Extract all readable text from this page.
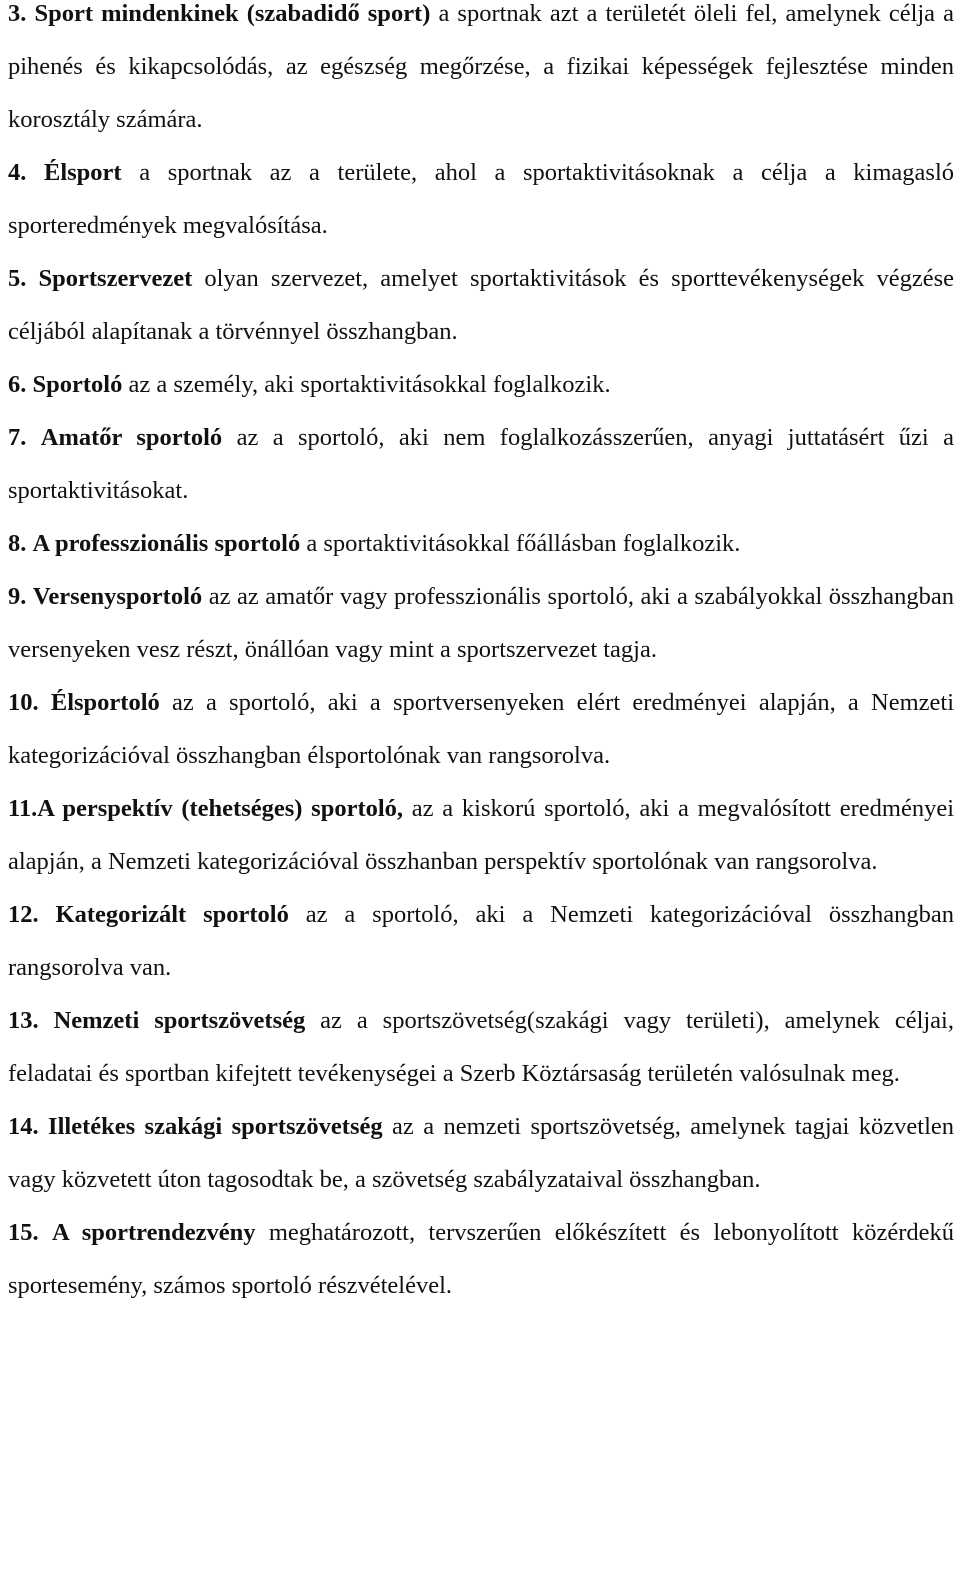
3. Sport mindenkinek (szabadidő sport) a sportnak azt a területét öleli fel, amelynek célja a pihenés és kikapcsolódás, az egészség megőrzése, a fizikai képességek fejlesztése minden korosztály számára.

4. Élsport a sportnak az a területe, ahol a sportaktivitásoknak a célja a kimagasló sporteredmények megvalósítása.

5. Sportszervezet olyan szervezet, amelyet sportaktivitások és sporttevékenységek végzése céljából alapítanak a törvénnyel összhangban.

6. Sportoló az a személy, aki sportaktivitásokkal foglalkozik.

7. Amatőr sportoló az a sportoló, aki nem foglalkozásszerűen, anyagi juttatásért űzi a sportaktivitásokat.

8. A professzionális sportoló a sportaktivitásokkal főállásban foglalkozik.

9. Versenysportoló az az amatőr vagy professzionális sportoló, aki a szabályokkal összhangban versenyeken vesz részt, önállóan vagy mint a sportszervezet tagja.

10. Élsportoló az a sportoló, aki a sportversenyeken elért eredményei alapján, a Nemzeti kategorizációval összhangban élsportolónak van rangsorolva.

11.A perspektív (tehetséges) sportoló, az a kiskorú sportoló, aki a megvalósított eredményei alapján, a Nemzeti kategorizációval összhanban perspektív sportolónak van rangsorolva.

12. Kategorizált sportoló az a sportoló, aki a Nemzeti kategorizációval összhangban rangsorolva van.

13. Nemzeti sportszövetség az a sportszövetség(szakági vagy területi), amelynek céljai, feladatai és sportban kifejtett tevékenységei a Szerb Köztársaság területén valósulnak meg.

14. Illetékes szakági sportszövetség az a nemzeti sportszövetség, amelynek tagjai közvetlen vagy közvetett úton tagosodtak be, a szövetség szabályzataival összhangban.

15. A sportrendezvény meghatározott, tervszerűen előkészített és lebonyolított közérdekű sportesemény, számos sportoló részvételével.
